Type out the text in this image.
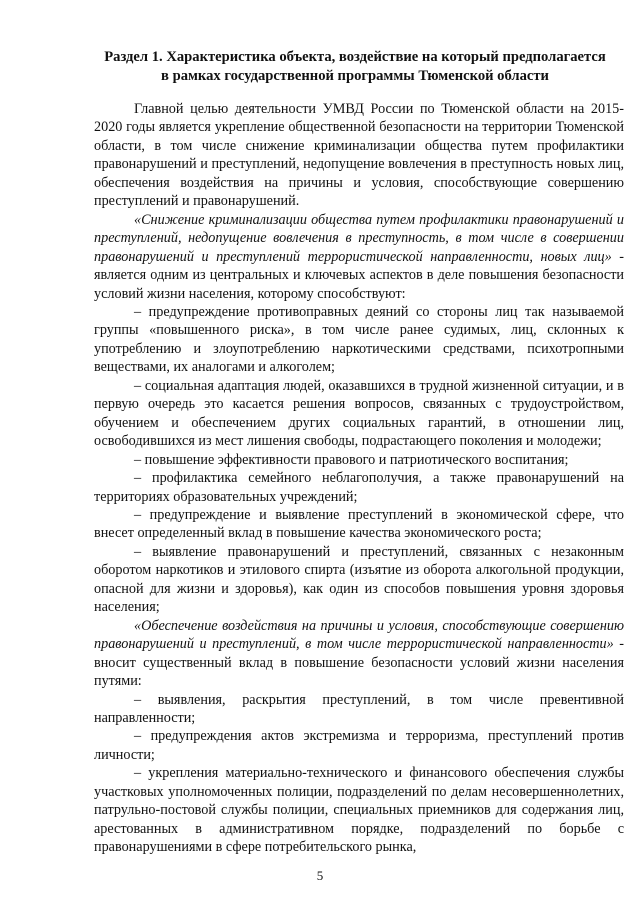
Раздел 1. Характеристика объекта, воздействие на который предполагается
в рамках государственной программы Тюменской области

Главной целью деятельности УМВД России по Тюменской области на 2015-2020 годы является укрепление общественной безопасности на территории Тюменской области, в том числе снижение криминализации общества путем профилактики правонарушений и преступлений, недопущение вовлечения в преступность новых лиц, обеспечения воздействия на причины и условия, способствующие совершению преступлений и правонарушений.

«Снижение криминализации общества путем профилактики правонарушений и преступлений, недопущение вовлечения в преступность, в том числе в совершении правонарушений и преступлений террористической направленности, новых лиц» - является одним из центральных и ключевых аспектов в деле повышения безопасности условий жизни населения, которому способствуют:

– предупреждение противоправных деяний со стороны лиц так называемой группы «повышенного риска», в том числе ранее судимых, лиц, склонных к употреблению и злоупотреблению наркотическими средствами, психотропными веществами, их аналогами и алкоголем;

– социальная адаптация людей, оказавшихся в трудной жизненной ситуации, и в первую очередь это касается решения вопросов, связанных с трудоустройством, обучением и обеспечением других социальных гарантий, в отношении лиц, освободившихся из мест лишения свободы, подрастающего поколения и молодежи;

– повышение эффективности правового и патриотического воспитания;

– профилактика семейного неблагополучия, а также правонарушений на территориях образовательных учреждений;

– предупреждение и выявление преступлений в экономической сфере, что внесет определенный вклад в повышение качества экономического роста;

– выявление правонарушений и преступлений, связанных с незаконным оборотом наркотиков и этилового спирта (изъятие из оборота алкогольной продукции, опасной для жизни и здоровья), как один из способов повышения уровня здоровья населения;

«Обеспечение воздействия на причины и условия, способствующие совершению правонарушений и преступлений, в том числе террористической направленности» - вносит существенный вклад в повышение безопасности условий жизни населения путями:

– выявления, раскрытия преступлений, в том числе превентивной направленности;

– предупреждения актов экстремизма и терроризма, преступлений против личности;

– укрепления материально-технического и финансового обеспечения службы участковых уполномоченных полиции, подразделений по делам несовершеннолетних, патрульно-постовой службы полиции, специальных приемников для содержания лиц, арестованных в административном порядке, подразделений по борьбе с правонарушениями в сфере потребительского рынка,

5
